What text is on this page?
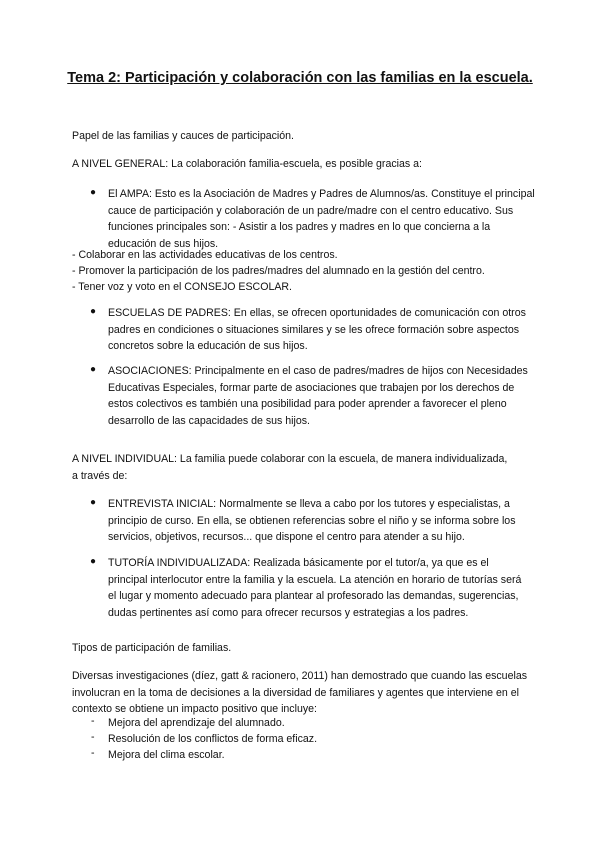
Tema 2: Participación y colaboración con las familias en la escuela.
Papel de las familias y cauces de participación.
A NIVEL GENERAL: La colaboración familia-escuela, es posible gracias a:
● El AMPA: Esto es la Asociación de Madres y Padres de Alumnos/as. Constituye el principal cauce de participación y colaboración de un padre/madre con el centro educativo. Sus funciones principales son: - Asistir a los padres y madres en lo que concierna a la educación de sus hijos.
- Colaborar en las actividades educativas de los centros.
- Promover la participación de los padres/madres del alumnado en la gestión del centro.
- Tener voz y voto en el CONSEJO ESCOLAR.
● ESCUELAS DE PADRES: En ellas, se ofrecen oportunidades de comunicación con otros padres en condiciones o situaciones similares y se les ofrece formación sobre aspectos concretos sobre la educación de sus hijos.
● ASOCIACIONES: Principalmente en el caso de padres/madres de hijos con Necesidades Educativas Especiales, formar parte de asociaciones que trabajen por los derechos de estos colectivos es también una posibilidad para poder aprender a favorecer el pleno desarrollo de las capacidades de sus hijos.
A NIVEL INDIVIDUAL: La familia puede colaborar con la escuela, de manera individualizada, a través de:
● ENTREVISTA INICIAL: Normalmente se lleva a cabo por los tutores y especialistas, a principio de curso. En ella, se obtienen referencias sobre el niño y se informa sobre los servicios, objetivos, recursos... que dispone el centro para atender a su hijo.
● TUTORÍA INDIVIDUALIZADA: Realizada básicamente por el tutor/a, ya que es el principal interlocutor entre la familia y la escuela. La atención en horario de tutorías será el lugar y momento adecuado para plantear al profesorado las demandas, sugerencias, dudas pertinentes así como para ofrecer recursos y estrategias a los padres.
Tipos de participación de familias.
Diversas investigaciones (díez, gatt & racionero, 2011) han demostrado que cuando las escuelas involucran en la toma de decisiones a la diversidad de familiares y agentes que interviene en el contexto se obtiene un impacto positivo que incluye:
- Mejora del aprendizaje del alumnado.
- Resolución de los conflictos de forma eficaz.
- Mejora del clima escolar.
